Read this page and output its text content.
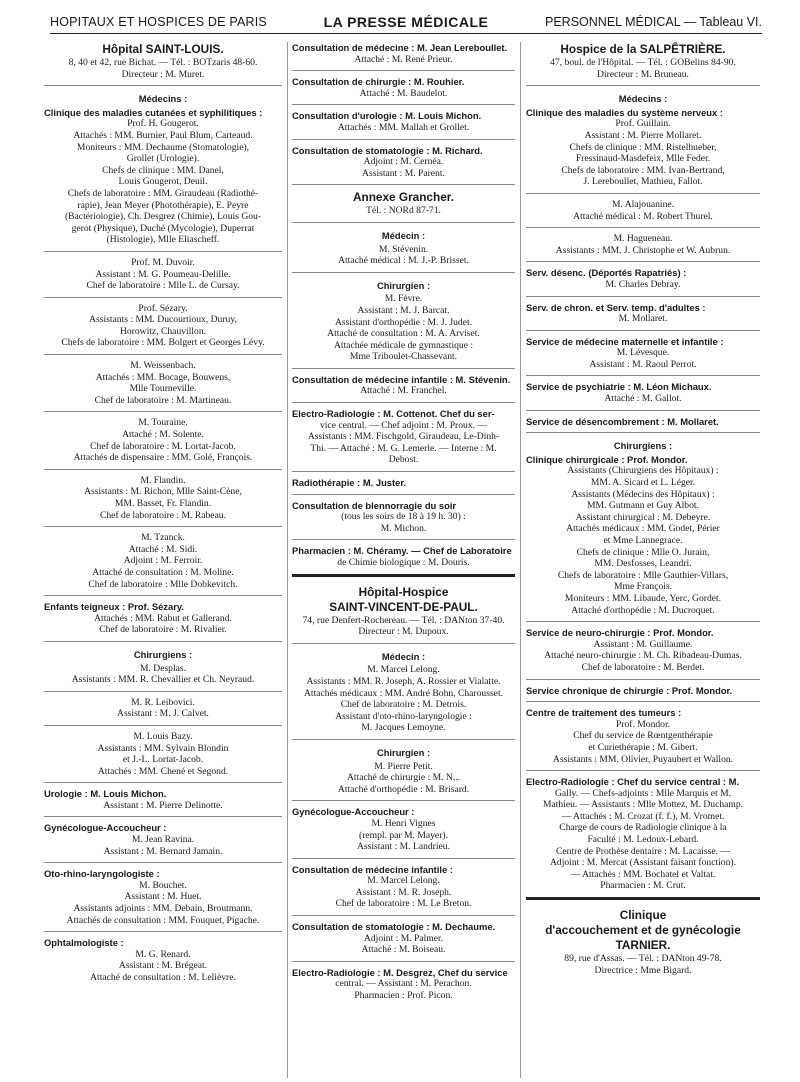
HOPITAUX ET HOSPICES DE PARIS	LA PRESSE MÉDICALE	PERSONNEL MÉDICAL — Tableau VI.
Hôpital SAINT-LOUIS.
8, 40 et 42, rue Bichat. — Tél. : BOTzaris 48-60.
Directeur : M. Muret.
Médecins :
Clinique des maladies cutanées et syphilitiques :
Prof. H. Gougerot.
Attachés : MM. Burnier, Paul Blum, Carteaud.
Moniteurs : MM. Dechaume (Stomatologie),
Grollet (Urologie).
Chefs de clinique : MM. Danel,
Louis Gougerot, Deuil.
Chefs de laboratoire : MM. Giraudeau (Radiothé-
rapie), Jean Meyer (Photothérapie), E. Peyre
(Bactériologie), Ch. Desgrez (Chimie), Louis Gou-
gerot (Physique), Duché (Mycologie), Duperrat
(Histologie), Mlle Eliascheff.
Prof. M. Duvoir.
Assistant : M. G. Poumeau-Delille.
Chef de laboratoire : Mlle L. de Cursay.
Prof. Sézary.
Assistants : MM. Ducourtioux, Duruy,
Horowitz, Chauvillon.
Chefs de laboratoire : MM. Bolgert et Georges Lévy.
M. Weissenbach.
Attachés : MM. Bocage, Bouwens,
Mlle Tourneville.
Chef de laboratoire : M. Martineau.
M. Touraine.
Attaché : M. Solente.
Chef de laboratoire : M. Lortat-Jacob.
Attachés de dispensaire : MM. Golé, François.
M. Flandin.
Assistants : M. Richon, Mlle Saint-Cène,
MM. Basset, Fr. Flandin.
Chef de laboratoire : M. Rabeau.
M. Tzanck.
Attaché : M. Sidi.
Adjoint : M. Ferroir.
Attaché de consultation : M. Moline.
Chef de laboratoire : Mlle Dobkevitch.
Enfants teigneux : Prof. Sézary.
Attachés : MM. Rabut et Gallerand.
Chef de laboratoire : M. Rivalier.
Chirurgiens :
M. Desplas.
Assistants : MM. R. Chevallier et Ch. Neyraud.
M. R. Leibovici.
Assistant : M. J. Calvet.
M. Louis Bazy.
Assistants : MM. Sylvain Blondin
et J.-L. Lortat-Jacob.
Attachés : MM. Chené et Segond.
Urologie : M. Louis Michon.
Assistant : M. Pierre Delinotte.
Gynécologue-Accoucheur :
M. Jean Ravina.
Assistant : M. Bernard Jamain.
Oto-rhino-laryngologiste :
M. Bouchet.
Assistant : M. Huet.
Assistants adjoints : MM. Debain, Broutmann.
Attachés de consultation : MM. Fouquet, Pigache.
Ophtalmologiste :
M. G. Renard.
Assistant : M. Brégeat.
Attaché de consultation : M. Lelièvre.
Consultation de médecine : M. Jean Lereboullet.
Attaché : M. René Prieur.
Consultation de chirurgie : M. Rouhier.
Attaché : M. Baudelot.
Consultation d'urologie : M. Louis Michon.
Attachés : MM. Mallah et Grollet.
Consultation de stomatologie : M. Richard.
Adjoint : M. Cernéa.
Assistant : M. Parent.
Annexe Grancher.
Tél. : NORd 87-71.
Médecin :
M. Stévenin.
Attaché médical : M. J.-P. Brisset.
Chirurgien :
M. Fèvre.
Assistant : M. J. Barcat.
Assistant d'orthopédie : M. J. Judet.
Attaché de consultation : M. A. Arviset.
Attachée médicale de gymnastique :
Mme Triboulet-Chassevant.
Consultation de médecine infantile : M. Stévenin.
Attaché : M. Franchel.
Electro-Radiologie : M. Cottenot. Chef du ser-
vice central. — Chef adjoint : M. Proux. —
Assistants : MM. Fischgold, Giraudeau, Le-Dinh-
Thi. — Attaché : M. G. Lemerle. — Interne : M.
Debost.
Radiothérapie : M. Juster.
Consultation de blennorragie du soir
(tous les soirs de 18 à 19 h. 30) :
M. Michon.
Pharmacien : M. Chéramy. — Chef de Laboratoire
de Chimie biologique : M. Douris.
Hôpital-Hospice
SAINT-VINCENT-DE-PAUL.
74, rue Denfert-Rochereau. — Tél. : DANton 37-40.
Directeur : M. Dupoux.
Médecin :
M. Marcel Lelong.
Assistants : MM. R. Joseph, A. Rossier et Vialatte.
Attachés médicaux : MM. André Bohn, Charousset.
Chef de laboratoire : M. Detrois.
Assistant d'oto-rhino-laryngologie :
M. Jacques Lemoyne.
Chirurgien :
M. Pierre Petit.
Attaché de chirurgie : M. N...
Attaché d'orthopédie : M. Brisard.
Gynécologue-Accoucheur :
M. Henri Vignes
(rempl. par M. Mayer).
Assistant : M. Landrieu.
Consultation de médecine infantile :
M. Marcel Lelong.
Assistant : M. R. Joseph.
Chef de laboratoire : M. Le Breton.
Consultation de stomatologie : M. Dechaume.
Adjoint : M. Palmer.
Attaché : M. Boiseau.
Electro-Radiologie : M. Desgrez, Chef du service
central. — Assistant : M. Perachon.
Pharmacien : Prof. Picon.
Hospice de la SALPÊTRIÈRE.
47, boul. de l'Hôpital. — Tél. : GOBelins 84-90.
Directeur : M. Bruneau.
Médecins :
Clinique des maladies du système nerveux :
Prof. Guillain.
Assistant : M. Pierre Mollaret.
Chefs de clinique : MM. Ristelhueber,
Fressinaud-Masdefeix, Mlle Feder.
Chefs de laboratoire : MM. Ivan-Bertrand,
J. Lereboullet, Mathieu, Fallot.
M. Alajouanine.
Attaché médical : M. Robert Thurel.
M. Hagueneau.
Assistants : MM. J. Christophe et W. Aubrun.
Serv. désenc. (Déportés Rapatriés) :
M. Charles Debray.
Serv. de chron. et Serv. temp. d'adultes :
M. Mollaret.
Service de médecine maternelle et infantile :
M. Lévesque.
Assistant : M. Raoul Perrot.
Service de psychiatrie : M. Léon Michaux.
Attaché : M. Gallot.
Service de désencombrement : M. Mollaret.
Chirurgiens :
Clinique chirurgicale : Prof. Mondor.
Assistants (Chirurgiens des Hôpitaux) :
MM. A. Sicard et L. Léger.
Assistants (Médecins des Hôpitaux) :
MM. Gutmann et Guy Albot.
Assistant chirurgical : M. Debeyre.
Attachés médicaux : MM. Godet, Périer
et Mme Lannegrace.
Chefs de clinique : Mlle O. Jurain,
MM. Desfosses, Leandri.
Chefs de laboratoire : Mlle Gauthier-Villars,
Mme François.
Moniteurs : MM. Libaude, Yerc, Gordet.
Attaché d'orthopédie : M. Ducroquet.
Service de neuro-chirurgie : Prof. Mondor.
Assistant : M. Guillaume.
Attaché neuro-chirurgie : M. Ch. Ribadeau-Dumas.
Chef de laboratoire : M. Berdet.
Service chronique de chirurgie : Prof. Mondor.
Centre de traitement des tumeurs :
Prof. Mondor.
Chef du service de Rœntgenthérapie
et Curiethérapie : M. Gibert.
Assistants : MM. Olivier, Puyaubert et Wallon.
Electro-Radiologie : Chef du service central : M.
Gally. — Chefs-adjoints : Mlle Marquis et M.
Mathieu. — Assistants : Mlle Mottez, M. Duchamp.
— Attachés : M. Crozat (f. f.), M. Vromet.
Charge de cours de Radiologie clinique à la
Faculté : M. Ledoux-Lebard.
Centre de Prothèse dentaire : M. Lacaisse. —
Adjoint : M. Mercat (Assistant faisant fonction).
— Attachés : MM. Bochatel et Valtat.
Pharmacien : M. Crut.
Clinique
d'accouchement et de gynécologie
TARNIER.
89, rue d'Assas. — Tél. : DANton 49-78.
Directrice : Mme Bigard.
